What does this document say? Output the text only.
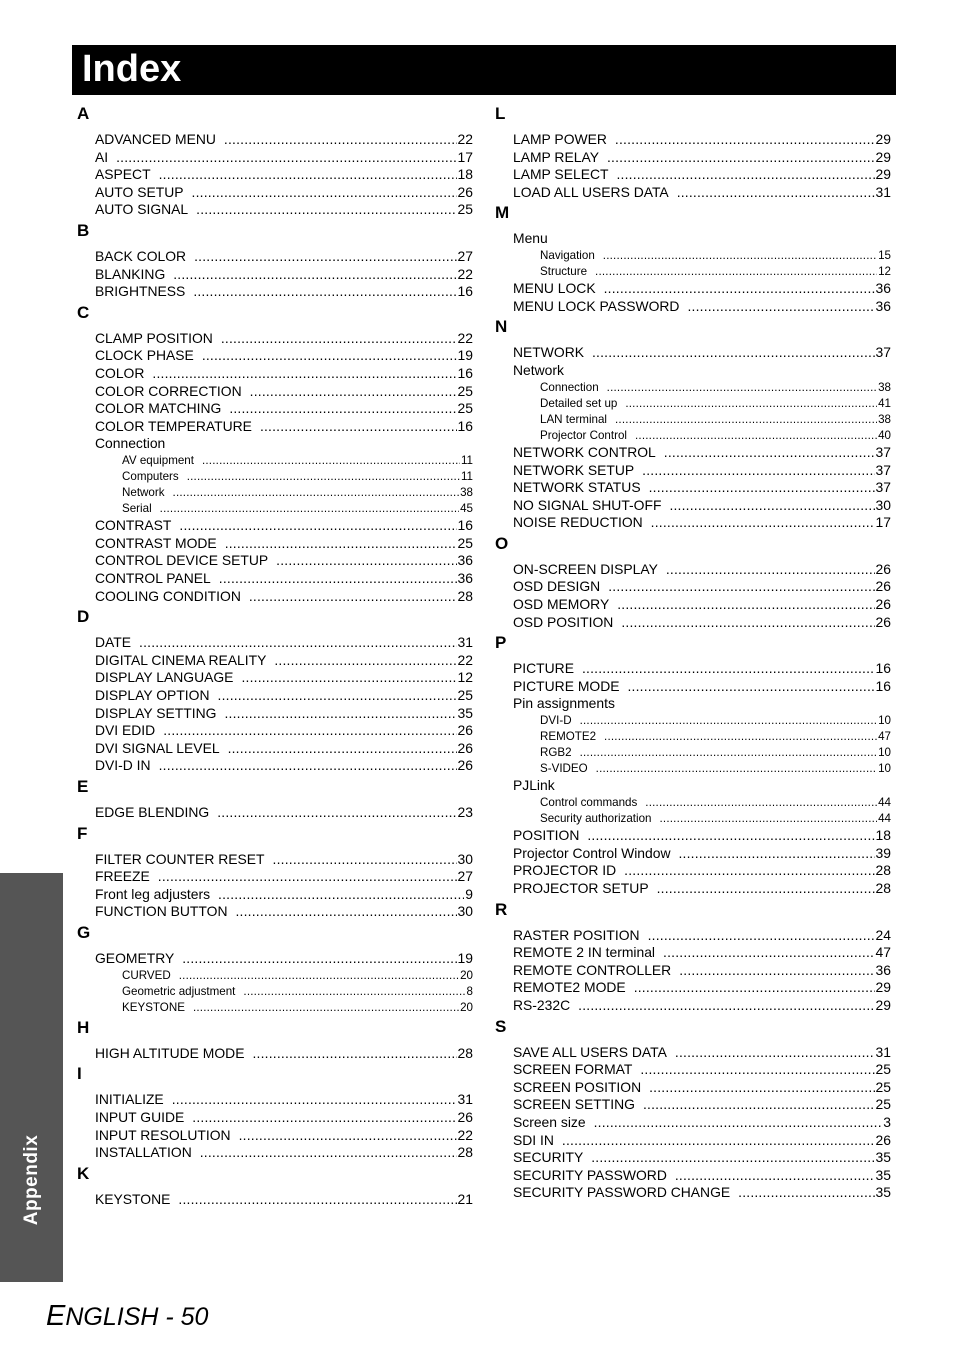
Index
Appendix
A
ADVANCED MENU .....	22
AI .....	17
ASPECT .....	18
AUTO SETUP .....	26
AUTO SIGNAL .....	25
B
BACK COLOR .....	27
BLANKING .....	22
BRIGHTNESS .....	16
C
CLAMP POSITION .....	22
CLOCK PHASE .....	19
COLOR .....	16
COLOR CORRECTION .....	25
COLOR MATCHING .....	25
COLOR TEMPERATURE .....	16
Connection
AV equipment .....	11
Computers .....	11
Network .....	38
Serial .....	45
CONTRAST .....	16
CONTRAST MODE .....	25
CONTROL DEVICE SETUP .....	36
CONTROL PANEL .....	36
COOLING CONDITION .....	28
D
DATE .....	31
DIGITAL CINEMA REALITY .....	22
DISPLAY LANGUAGE .....	12
DISPLAY OPTION .....	25
DISPLAY SETTING .....	35
DVI EDID .....	26
DVI SIGNAL LEVEL .....	26
DVI-D IN .....	26
E
EDGE BLENDING .....	23
F
FILTER COUNTER RESET .....	30
FREEZE .....	27
Front leg adjusters .....	9
FUNCTION BUTTON .....	30
G
GEOMETRY .....	19
CURVED .....	20
Geometric adjustment .....	8
KEYSTONE .....	20
H
HIGH ALTITUDE MODE .....	28
I
INITIALIZE .....	31
INPUT GUIDE .....	26
INPUT RESOLUTION .....	22
INSTALLATION .....	28
K
KEYSTONE .....	21
L
LAMP POWER .....	29
LAMP RELAY .....	29
LAMP SELECT .....	29
LOAD ALL USERS DATA .....	31
M
Menu
Navigation .....	15
Structure .....	12
MENU LOCK .....	36
MENU LOCK PASSWORD .....	36
N
NETWORK .....	37
Network
Connection .....	38
Detailed set up .....	41
LAN terminal .....	38
Projector Control .....	40
NETWORK CONTROL .....	37
NETWORK SETUP .....	37
NETWORK STATUS .....	37
NO SIGNAL SHUT-OFF .....	30
NOISE REDUCTION .....	17
O
ON-SCREEN DISPLAY .....	26
OSD DESIGN .....	26
OSD MEMORY .....	26
OSD POSITION .....	26
P
PICTURE .....	16
PICTURE MODE .....	16
Pin assignments
DVI-D .....	10
REMOTE2 .....	47
RGB2 .....	10
S-VIDEO .....	10
PJLink
Control commands .....	44
Security authorization .....	44
POSITION .....	18
Projector Control Window .....	39
PROJECTOR ID .....	28
PROJECTOR SETUP .....	28
R
RASTER POSITION .....	24
REMOTE 2 IN terminal .....	47
REMOTE CONTROLLER .....	36
REMOTE2 MODE .....	29
RS-232C .....	29
S
SAVE ALL USERS DATA .....	31
SCREEN FORMAT .....	25
SCREEN POSITION .....	25
SCREEN SETTING .....	25
Screen size .....	3
SDI IN .....	26
SECURITY .....	35
SECURITY PASSWORD .....	35
SECURITY PASSWORD CHANGE .....	35
ENGLISH - 50
